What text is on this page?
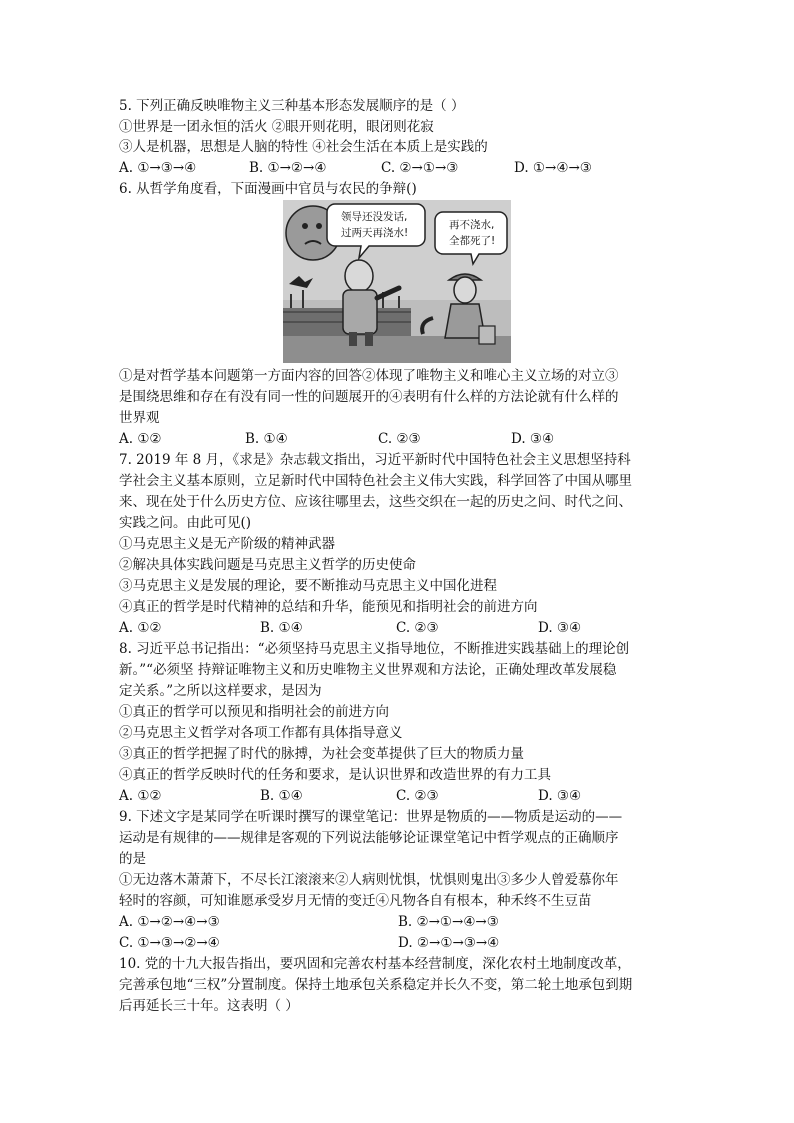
5. 下列正确反映唯物主义三种基本形态发展顺序的是（ ）
①世界是一团永恒的活火 ②眼开则花明，眼闭则花寂
③人是机器，思想是人脑的特性 ④社会生活在本质上是实践的
A. ①→③→④	B. ①→②→④	C. ②→①→③	D. ①→④→③
6. 从哲学角度看，下面漫画中官员与农民的争辩()
领导还没发话,
过两天再浇水!
再不浇水,
全都死了!
①是对哲学基本问题第一方面内容的回答②体现了唯物主义和唯心主义立场的对立③
是围绕思维和存在有没有同一性的问题展开的④表明有什么样的方法论就有什么样的
世界观
A. ①②	B. ①④	C. ②③	D. ③④
7. 2019 年 8 月，《求是》杂志载文指出，习近平新时代中国特色社会主义思想坚持科
学社会主义基本原则，立足新时代中国特色社会主义伟大实践，科学回答了中国从哪里
来、现在处于什么历史方位、应该往哪里去，这些交织在一起的历史之问、时代之问、
实践之问。由此可见()
①马克思主义是无产阶级的精神武器
②解决具体实践问题是马克思主义哲学的历史使命
③马克思主义是发展的理论，要不断推动马克思主义中国化进程
④真正的哲学是时代精神的总结和升华，能预见和指明社会的前进方向
A. ①②	B. ①④	C. ②③	D. ③④
8. 习近平总书记指出：“必须坚持马克思主义指导地位，不断推进实践基础上的理论创
新。”“必须坚 持辩证唯物主义和历史唯物主义世界观和方法论，正确处理改革发展稳
定关系。”之所以这样要求，是因为
①真正的哲学可以预见和指明社会的前进方向
②马克思主义哲学对各项工作都有具体指导意义
③真正的哲学把握了时代的脉搏，为社会变革提供了巨大的物质力量
④真正的哲学反映时代的任务和要求，是认识世界和改造世界的有力工具
A. ①②	B. ①④	C. ②③	D. ③④
9. 下述文字是某同学在听课时撰写的课堂笔记：世界是物质的——物质是运动的——
运动是有规律的——规律是客观的下列说法能够论证课堂笔记中哲学观点的正确顺序
的是
①无边落木萧萧下，不尽长江滚滚来②人病则忧惧，忧惧则鬼出③多少人曾爱慕你年
轻时的容颜，可知谁愿承受岁月无情的变迁④凡物各自有根本，种禾终不生豆苗
A. ①→②→④→③	B. ②→①→④→③
C. ①→③→②→④	D. ②→①→③→④
10. 党的十九大报告指出，要巩固和完善农村基本经营制度，深化农村土地制度改革，
完善承包地“三权”分置制度。保持土地承包关系稳定并长久不变，第二轮土地承包到期
后再延长三十年。这表明（ ）
